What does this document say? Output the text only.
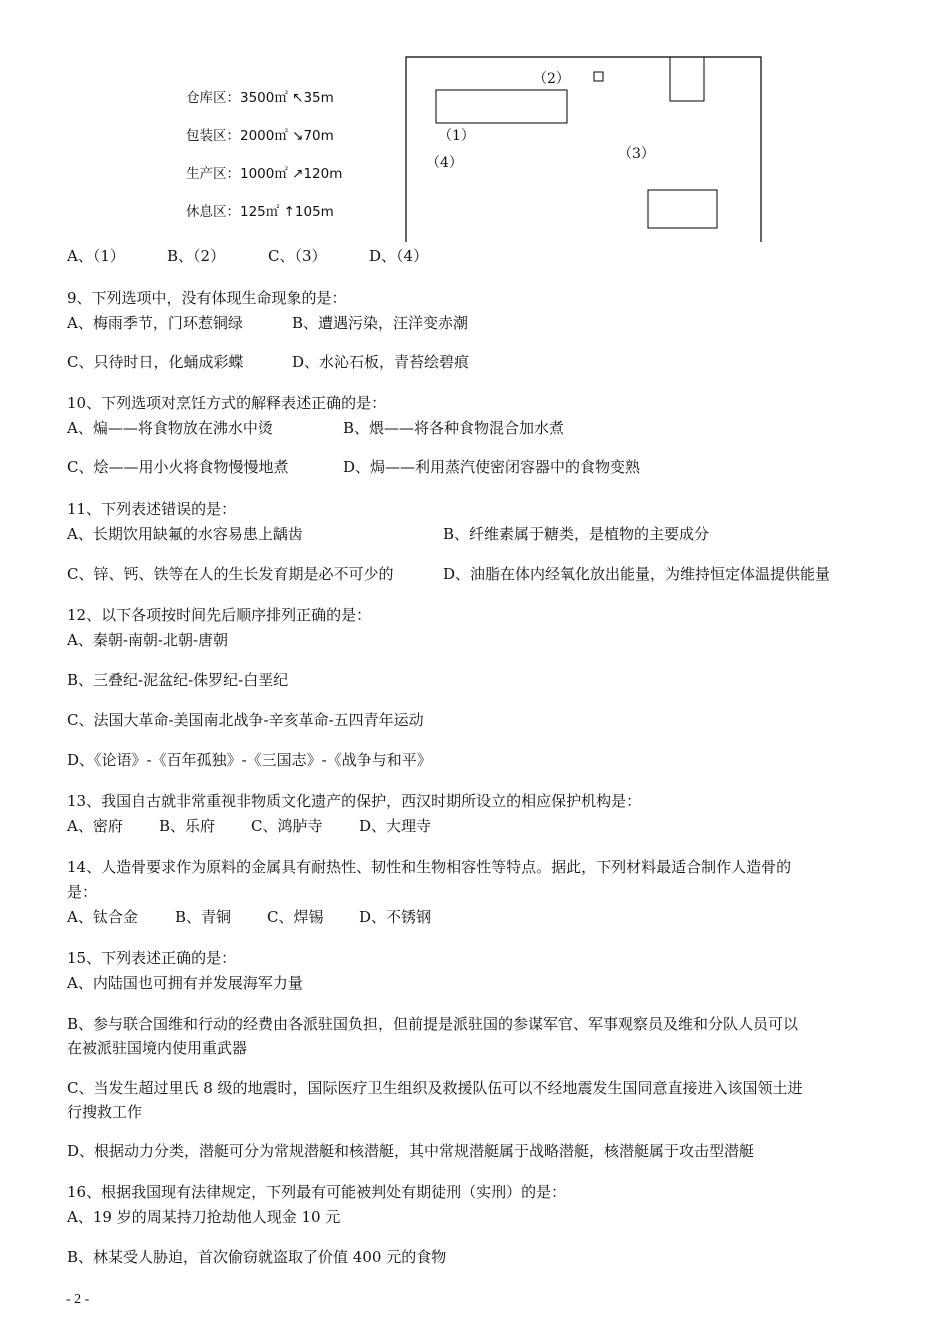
仓库区：3500㎡ ↖35m
包装区：2000㎡ ↘70m
生产区：1000㎡ ↗120m
休息区：125㎡ ↑105m
（2）
（1）
（4）
（3）
A、（1）	B、（2）	C、（3）	D、（4）
9、下列选项中，没有体现生命现象的是：
A、梅雨季节，门环惹铜绿	B、遭遇污染，汪洋变赤潮
C、只待时日，化蛹成彩蝶	D、水沁石板，青苔绘碧痕
10、下列选项对烹饪方式的解释表述正确的是：
A、煸——将食物放在沸水中烫	B、煨——将各种食物混合加水煮
C、烩——用小火将食物慢慢地煮	D、焗——利用蒸汽使密闭容器中的食物变熟
11、下列表述错误的是：
A、长期饮用缺氟的水容易患上龋齿	B、纤维素属于糖类，是植物的主要成分
C、锌、钙、铁等在人的生长发育期是必不可少的	D、油脂在体内经氧化放出能量，为维持恒定体温提供能量
12、以下各项按时间先后顺序排列正确的是：
A、秦朝-南朝-北朝-唐朝
B、三叠纪-泥盆纪-侏罗纪-白垩纪
C、法国大革命-美国南北战争-辛亥革命-五四青年运动
D、《论语》-《百年孤独》-《三国志》-《战争与和平》
13、我国自古就非常重视非物质文化遗产的保护，西汉时期所设立的相应保护机构是：
A、密府 B、乐府 C、鸿胪寺 D、大理寺
14、人造骨要求作为原料的金属具有耐热性、韧性和生物相容性等特点。据此，下列材料最适合制作人造骨的
是：
A、钛合金 B、青铜 C、焊锡 D、不锈钢
15、下列表述正确的是：
A、内陆国也可拥有并发展海军力量
B、参与联合国维和行动的经费由各派驻国负担，但前提是派驻国的参谋军官、军事观察员及维和分队人员可以
在被派驻国境内使用重武器
C、当发生超过里氏 8 级的地震时，国际医疗卫生组织及救援队伍可以不经地震发生国同意直接进入该国领土进
行搜救工作
D、根据动力分类，潜艇可分为常规潜艇和核潜艇，其中常规潜艇属于战略潜艇，核潜艇属于攻击型潜艇
16、根据我国现有法律规定，下列最有可能被判处有期徒刑（实刑）的是：
A、19 岁的周某持刀抢劫他人现金 10 元
B、林某受人胁迫，首次偷窃就盗取了价值 400 元的食物
- 2 -
